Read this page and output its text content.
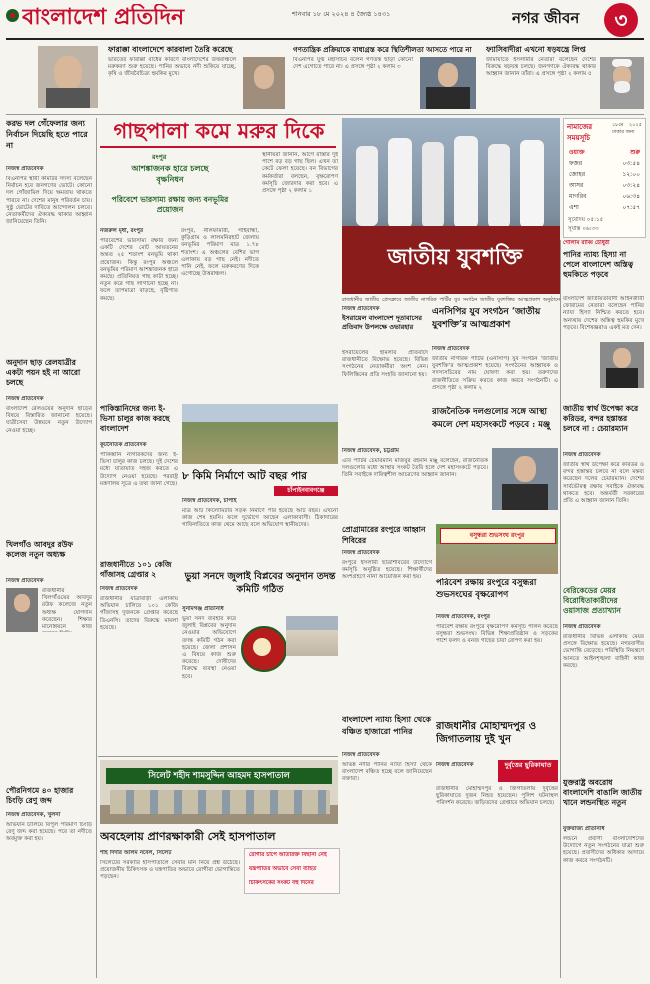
বাংলাদেশ প্রতিদিন	শনিবার ১৮ মে ২০২৪ ৪ জ্যৈষ্ঠ ১৪৩১	নগর জীবন	৩
ফারাক্কা বাংলাদেশে কারবালা তৈরি করেছে
ভারতের ফারাক্কা বাঁধের কারণে বাংলাদেশের উত্তরাঞ্চলে মরুকরণ শুরু হয়েছে। পানির অভাবে নদী শুকিয়ে যাচ্ছে, কৃষি ও জীববৈচিত্র্য হুমকির মুখে।
গণতান্ত্রিক প্রক্রিয়াকে বাধাগ্রস্ত করে স্থিতিশীলতা আসতে পারে না
বিএনপির যুগ্ম মহাসচিব বলেন গণতন্ত্র ছাড়া কোনো দেশ এগোতে পারে না। এ প্রসঙ্গে পৃষ্ঠা ২ কলাম ৩
ফ্যাসিবাদীরা এখনো ষড়যন্ত্রে লিপ্ত
জামায়াতে ইসলামীর নেতারা বলেছেন দেশের বিরুদ্ধে ষড়যন্ত্র চলছে। জনগণকে ঐক্যবদ্ধ থাকার আহ্বান জানান তাঁরা। এ প্রসঙ্গে পৃষ্ঠা ২ কলাম ৫
করভ দল গেঁফেলার জন্য নির্বাচন দিয়েছি হতে পারে না
নিজস্ব প্রতিবেদক
বিএনপির স্থায়ী কমিটির সদস্য বলেছেন নির্বাচন হবে জনগণের ভোটে। কোনো দল গোঁজামিল দিয়ে ক্ষমতায় থাকতে পারবে না। দেশের মানুষ পরিবর্তন চায়। সুষ্ঠু ভোটের দাবিতে আন্দোলন চলবে। নেতাকর্মীদের ঐক্যবদ্ধ থাকার আহ্বান জানিয়েছেন তিনি।
অনুদান ছাড় রেলযাত্রীর একটা পয়ন হই না আরো চলছে
নিজস্ব প্রতিবেদক
বাংলাদেশ রেলওয়ের অনুদান ছাড়ের বিষয়ে বিস্তারিত জানানো হয়েছে। যাত্রীসেবা উন্নয়নে নতুন উদ্যোগ নেওয়া হচ্ছে।
খিলগাঁও আবদুর রউফ কলেজ নতুন অধ্যক্ষ
নিজস্ব প্রতিবেদক
রাজধানীর খিলগাঁওয়ের আবদুর রউফ কলেজে নতুন অধ্যক্ষ যোগদান করেছেন। শিক্ষার মানোন্নয়নে কাজ
পৌরনিগমে ৪০ হাজার চিংড়ি রেণু জব্দ
নিজস্ব প্রতিবেদক, খুলনা
অভিযান চালিয়ে বিপুল পরিমাণ চিংড়ি রেণু জব্দ করা হয়েছে। পরে তা নদীতে অবমুক্ত করা হয়।
গাছপালা কমে মরুর দিকে
রংপুর
আশঙ্কাজনক হারে চলছে বৃক্ষনিধন
পরিবেশে ভারসাম্য রক্ষায় জন্য বনভূমির প্রয়োজন
নজরুল মৃধা, রংপুর
পরিবেশের ভারসাম্য রক্ষার জন্য একটি দেশের মোট আয়তনের অন্তত ২৫ শতাংশ বনভূমি থাকা প্রয়োজন। কিন্তু রংপুর অঞ্চলে বনভূমির পরিমাণ আশঙ্কাজনক হারে কমছে। প্রতিনিয়ত গাছ কাটা হচ্ছে। নতুন করে গাছ লাগানো হচ্ছে না। ফলে তাপমাত্রা বাড়ছে, বৃষ্টিপাত কমছে।
রংপুর, নীলফামারী, গাইবান্ধা, কুড়িগ্রাম ও লালমনিরহাট জেলায় বনভূমির পরিমাণ মাত্র ১.৭৮ শতাংশ। এ অঞ্চলের বেশির ভাগ এলাকায় বড় গাছ নেই। নদীতে পানি নেই, ফলে মরুকরণের দিকে এগোচ্ছে উত্তরাঞ্চল।
স্থানীয়রা জানান, আগে রাস্তার দুই পাশে বড় বড় গাছ ছিল। এখন তা কেটে ফেলা হয়েছে। বন বিভাগের কর্মকর্তারা বলছেন, বৃক্ষরোপণ কর্মসূচি জোরদার করা হবে। এ প্রসঙ্গে পৃষ্ঠা ২ কলাম ১
পাকিস্তানিদের জন্য ই-ভিসা চালুর কাজ করছে বাংলাদেশ
কূটনৈতিক প্রতিবেদক
পাকিস্তানি নাগরিকদের জন্য ই-ভিসা চালুর কাজ চলছে। দুই দেশের মধ্যে যাতায়াত সহজ করতে এ উদ্যোগ নেওয়া হয়েছে। পররাষ্ট্র মন্ত্রণালয় সূত্রে এ তথ্য জানা গেছে।
৮ কিমি নির্মাণে আট বছর পার
চাঁপাইনবাবগঞ্জে
নিজস্ব প্রতিবেদক, চাঁপাই
মাত্র আট কিলোমিটার সড়ক নির্মাণে পার হয়েছে আট বছর। এখনো কাজ শেষ হয়নি। ফলে দুর্ভোগে আছেন এলাকাবাসী। ঠিকাদারের গাফিলতিতে কাজ থেমে আছে বলে অভিযোগ স্থানীয়দের।
রাজধানীতে ১০১ কেজি গাঁজাসহ গ্রেপ্তার ২
নিজস্ব প্রতিবেদক
রাজধানীর যাত্রাবাড়ী এলাকায় অভিযান চালিয়ে ১০১ কেজি গাঁজাসহ দুজনকে গ্রেপ্তার করেছে ডিএনসি। তাদের বিরুদ্ধে মামলা হয়েছে।
ভুয়া সনদে জুলাই বিপ্লবের অনুদান তদন্ত কমিটি গঠিত
সুনামগঞ্জ প্রতিনিধি
ভুয়া সনদ ব্যবহার করে জুলাই বিপ্লবের অনুদান নেওয়ার অভিযোগে তদন্ত কমিটি গঠন করা হয়েছে। জেলা প্রশাসন এ বিষয়ে কাজ শুরু করেছে। দোষীদের বিরুদ্ধে ব্যবস্থা নেওয়া হবে।
সিলেট শহীদ শামসুদ্দিন আহমদ হাসপাতাল
অবহেলায় প্রাণরক্ষাকারী সেই হাসপাতাল
শাহ দিদার আলম নবেল, সিলেট
সিলেটের সরকারি হাসপাতালে সেবার মান নিয়ে প্রশ্ন উঠেছে। প্রয়োজনীয় চিকিৎসক ও যন্ত্রপাতির অভাবে রোগীরা ভোগান্তিতে পড়ছেন।
রোগীর চাপে অতিরিক্ত বিছানা নেই
যন্ত্রপাতির অভাবে সেবা ব্যাহত
চিকিৎসকের সংকট বহু দিনের
জাতীয় যুবশক্তি
রাজধানীর জাতীয় প্রেসক্লাবে জাতীয় নাগরিক পার্টির যুব সংগঠন জাতীয় যুবশক্তির আত্মপ্রকাশ অনুষ্ঠানে
নামাজের সময়সূচি
১৮মে ২০২৫ ঢাকার জন্য
ওয়াক্ত	শুরু
ফজর	০৩:৫৪
জোহর	১২:০০
আসর	০৩:২৪
মাগরিব	০৬:৩৪
এশা	০৭:৫৭
সূর্যোদয় ০৫:১৫
সূর্যাস্ত ০৬:৩৩
গোলাম রাব্বি চৌধুরী
পানির ন্যায্য হিস্যা না পেলে বাংলাদেশ অস্তিত্ব হুমকিতে পড়বে
বাংলাদেশ জাতীয়তাবাদী আইনজীবী ফোরামের নেতারা বলেছেন পানির ন্যায্য হিস্যা নিশ্চিত করতে হবে। অন্যথায় দেশের অস্তিত্ব হুমকির মুখে পড়বে। বিশেষজ্ঞরাও একই মত দেন।
জাতীয় স্বার্থ উপেক্ষা করে করিডর, বন্দর হস্তান্তর চলবে না : চেয়ারম্যান
নিজস্ব প্রতিবেদক
জাতীয় স্বার্থ উপেক্ষা করে করিডর ও বন্দর হস্তান্তর চলবে না বলে মন্তব্য করেছেন দলের চেয়ারম্যান। দেশের সার্বভৌমত্ব রক্ষায় সবাইকে ঐক্যবদ্ধ থাকতে হবে। অন্তর্বর্তী সরকারের প্রতি এ আহ্বান জানান তিনি।
বেরিকেডের মেয়র বিরোধিতাকারীদের ওয়াসাজ প্রত্যাখ্যান
নিজস্ব প্রতিবেদক
রাজধানীর বিভিন্ন এলাকায় মেয়র প্রসঙ্গে বিক্ষোভ হয়েছে। নগরবাসীর ভোগান্তি বেড়েছে। পরিস্থিতি নিয়ন্ত্রণে আনতে আইনশৃঙ্খলা বাহিনী কাজ করছে।
যুক্তরাষ্ট্র অবরোধ বাংলাদেশি বাঙালি জাতীয় খানে লন্ডনস্থিত নতুন
যুক্তরাজ্য প্রতিনিধি
লন্ডনে প্রবাসী বাংলাদেশিদের উদ্যোগে নতুন সংগঠনের যাত্রা শুরু হয়েছে। প্রবাসীদের অধিকার আদায়ে কাজ করবে সংগঠনটি।
নিজস্ব প্রতিবেদক
ইসরায়েল বাংলাদেশ দূতাবাসের প্রতিবাদ উপলক্ষে ওভারহার
ইসরায়েলের হামলার প্রতিবাদে রাজধানীতে বিক্ষোভ হয়েছে। বিভিন্ন সংগঠনের নেতাকর্মীরা অংশ নেন। ফিলিস্তিনের প্রতি সংহতি জানানো হয়।
এনসিপির যুব সংগঠন ‘জাতীয় যুবশক্তি’র আত্মপ্রকাশ
নিজস্ব প্রতিবেদক
জাতীয় নাগরিক পার্টির (এনসিপি) যুব সংগঠন ‘জাতীয় যুবশক্তি’র আত্মপ্রকাশ হয়েছে। সংগঠনের আহ্বায়ক ও সদস্যসচিবের নাম ঘোষণা করা হয়। তরুণদের রাজনীতিতে সক্রিয় করতে কাজ করবে সংগঠনটি। এ প্রসঙ্গে পৃষ্ঠা ২ কলাম ২
রাজনৈতিক দলগুলোর সঙ্গে আস্থা কমলে দেশ মহাসংকটে পড়বে : মঞ্জু
নিজস্ব প্রতিবেদক, চট্টগ্রাম
এবি পার্টির চেয়ারম্যান মজিবুর রহমান মঞ্জু বলেছেন, রাজনৈতিক দলগুলোর মধ্যে আস্থার সংকট তৈরি হলে দেশ মহাসংকটে পড়বে। তিনি সবাইকে দায়িত্বশীল আচরণের আহ্বান জানান।
প্রোগ্রামারের রংপুরে আহ্বান শিবিরের
নিজস্ব প্রতিবেদক
রংপুরে ইসলামী ছাত্রশিবিরের উদ্যোগে কর্মসূচি অনুষ্ঠিত হয়েছে। শিক্ষার্থীদের অংশগ্রহণে নানা আয়োজন করা হয়।
বসুন্ধরা শুভসংঘ রংপুর
পরিবেশ রক্ষায় রংপুরে বসুন্ধরা শুভসংঘের বৃক্ষরোপণ
নিজস্ব প্রতিবেদক, রংপুর
পরিবেশ রক্ষায় রংপুরে বৃক্ষরোপণ কর্মসূচি পালন করেছে বসুন্ধরা শুভসংঘ। বিভিন্ন শিক্ষাপ্রতিষ্ঠান ও সড়কের পাশে ফলদ ও বনজ গাছের চারা রোপণ করা হয়।
বাংলাদেশ ন্যায্য হিস্যা থেকে বঞ্চিত হাজারো পানির
নিজস্ব প্রতিবেদক
অভিন্ন নদীর পানির ন্যায্য হিস্যা থেকে বাংলাদেশ বঞ্চিত হচ্ছে বলে জানিয়েছেন বক্তারা।
রাজধানীর মোহাম্মদপুর ও জিগাতলায় দুই খুন
নিজস্ব প্রতিবেদক	দুর্বৃত্তের ছুরিকাঘাত
রাজধানীর মোহাম্মদপুর ও জিগাতলায় দুর্বৃত্তের ছুরিকাঘাতে দুজন নিহত হয়েছেন। পুলিশ ঘটনাস্থল পরিদর্শন করেছে। জড়িতদের গ্রেপ্তারে অভিযান চলছে।
